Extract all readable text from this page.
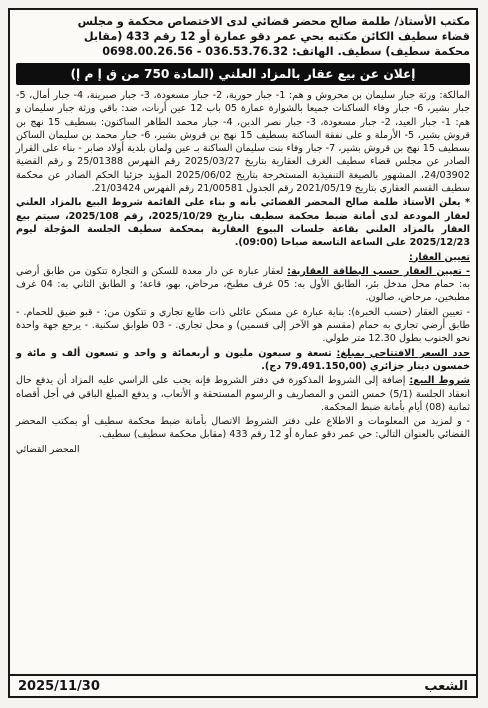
مكتب الأستاذ/ طلمة صالح محضر قضائي لدى الاختصاص محكمة و مجلس
قضاء سطيف الكائن مكتبه بحي عمر دقو عمارة أو 12 رقم 433 (مقابل
محكمة سطيف) سطيف. الهاتف: 036.53.76.32 - 0698.00.26.56
إعلان عن بيع عقار بالمزاد العلني (المادة 750 من ق إ م إ)

المالكة: ورثة جبار سليمان بن محروش و هم: 1- جبار حورية، 2- جبار مسعودة، 3- جبار صبرينة، 4- جبار أمال، 5- جبار بشير، 6- جبار وفاء الساكنات جميعا بالشوارة عمارة 05 باب 12 عين أرنات، ضد: باقي ورثة جبار سليمان و هم: 1- جبار العيد، 2- جبار مسعودة، 3- جبار نصر الدين، 4- جبار محمد الطاهر الساكنون: بسطيف 15 نهج بن قروش بشير، 5- الأرملة و على نفقة الساكنة بسطيف 15 نهج بن قروش بشير، 6- جبار محمد بن سليمان الساكن بسطيف 15 نهج بن قروش بشير، 7- جبار وفاء بنت سليمان الساكنة بـ عين ولمان بلدية أولاد صابر - بناء على القرار الصادر عن مجلس قضاء سطيف الغرف العقارية بتاريخ 2025/03/27 رقم الفهرس 25/01388 و رقم القضية 24/03902، المشهور بالصيغة التنفيذية المستخرجة بتاريخ 2025/06/02 المؤيد جزئيا الحكم الصادر عن محكمة سطيف القسم العقاري بتاريخ 2021/05/19 رقم الجدول 21/00581 رقم الفهرس 21/03424.

* يعلن الأستاذ طلمة صالح المحضر القضائي بأنه و بناء على القائمة شروط البيع بالمزاد العلني لعقار المودعة لدى أمانة ضبط محكمة سطيف بتاريخ 2025/10/29، رقم 2025/108، سيتم بيع العقار بالمزاد العلني بقاعة جلسات البيوع العقارية بمحكمة سطيف الجلسة المؤجلة ليوم 2025/12/23 على الساعة التاسعة صباحا (09:00).

تعيين العقار:

- تعيين العقار حسب البطاقة العقارية: لعقار عبارة عن دار معدة للسكن و التجارة تتكون من طابق أرضي به: حمام محل مدخل بئر، الطابق الأول به: 05 غرف مطبخ، مرحاض، بهو، قاعة؛ و الطابق الثاني به: 04 غرف مطبخين، مرحاض، صالون.

- تعيين العقار (حسب الخبرة): بناية عبارة عن مسكن عائلي ذات طابع تجاري و تتكون من: - قبو ضيق للحمام. - طابق أرضي تجاري به حمام (مقسم هو الآخر إلى قسمين) و محل تجاري. - 03 طوابق سكنية. - يرجع جهة واحدة نحو الجنوب بطول 12.30 متر طولي.

حدد السعر الافتتاحي بمبلغ: تسعة و سبعون مليون و أربعمائة و واحد و تسعون ألف و مائة و خمسون دينار جزائري (79.491.150,00 دج).

شروط البيع: إضافة إلى الشروط المذكورة في دفتر الشروط فإنه يجب على الراسي عليه المزاد أن يدفع حال انعقاد الجلسة (5/1) خمس الثمن و المصاريف و الرسوم المستحقة و الأتعاب، و يدفع المبلغ الباقي في أجل أقصاه ثمانية (08) أيام بأمانة ضبط المحكمة.

- و لمزيد من المعلومات و الاطلاع على دفتر الشروط الاتصال بأمانة ضبط محكمة سطيف أو بمكتب المحضر القضائي بالعنوان التالي: حي عمر دقو عمارة أو 12 رقم 433 (مقابل محكمة سطيف) سطيف.

المحضر القضائي
الشعب
2025/11/30
